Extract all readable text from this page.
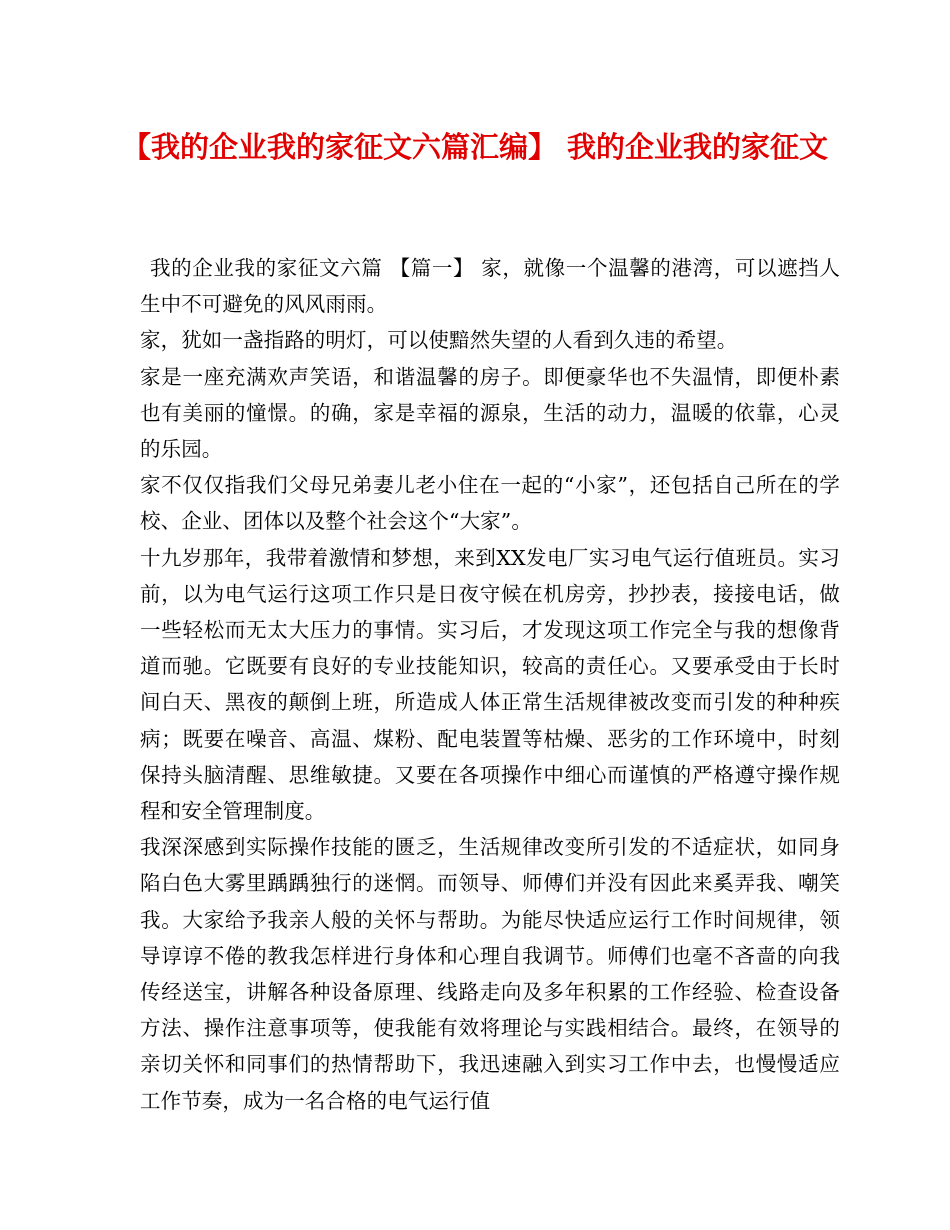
【我的企业我的家征文六篇汇编】 我的企业我的家征文

我的企业我的家征文六篇 【篇一】 家，就像一个温馨的港湾，可以遮挡人生中不可避免的风风雨雨。

家，犹如一盏指路的明灯，可以使黯然失望的人看到久违的希望。

家是一座充满欢声笑语，和谐温馨的房子。即便豪华也不失温情，即便朴素也有美丽的憧憬。的确，家是幸福的源泉，生活的动力，温暖的依靠，心灵的乐园。

家不仅仅指我们父母兄弟妻儿老小住在一起的“小家”，还包括自己所在的学校、企业、团体以及整个社会这个“大家”。

十九岁那年，我带着激情和梦想，来到XX发电厂实习电气运行值班员。实习前，以为电气运行这项工作只是日夜守候在机房旁，抄抄表，接接电话，做一些轻松而无太大压力的事情。实习后，才发现这项工作完全与我的想像背道而驰。它既要有良好的专业技能知识，较高的责任心。又要承受由于长时间白天、黑夜的颠倒上班，所造成人体正常生活规律被改变而引发的种种疾病；既要在噪音、高温、煤粉、配电装置等枯燥、恶劣的工作环境中，时刻保持头脑清醒、思维敏捷。又要在各项操作中细心而谨慎的严格遵守操作规程和安全管理制度。

我深深感到实际操作技能的匮乏，生活规律改变所引发的不适症状，如同身陷白色大雾里踽踽独行的迷惘。而领导、师傅们并没有因此来奚弄我、嘲笑我。大家给予我亲人般的关怀与帮助。为能尽快适应运行工作时间规律，领导谆谆不倦的教我怎样进行身体和心理自我调节。师傅们也毫不吝啬的向我传经送宝，讲解各种设备原理、线路走向及多年积累的工作经验、检查设备方法、操作注意事项等，使我能有效将理论与实践相结合。最终，在领导的亲切关怀和同事们的热情帮助下，我迅速融入到实习工作中去，也慢慢适应工作节奏，成为一名合格的电气运行值
